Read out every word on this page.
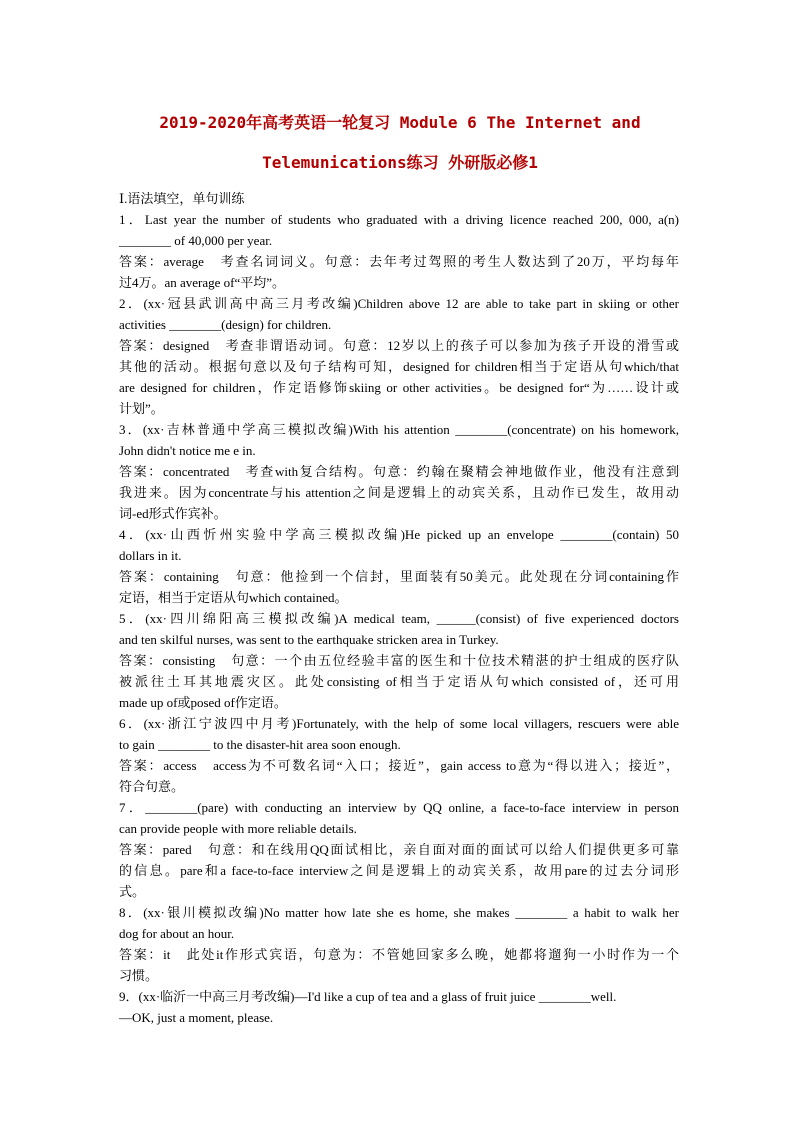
2019-2020年高考英语一轮复习 Module 6 The Internet and
Telemunications练习 外研版必修1
Ⅰ.语法填空，单句训练
1．Last year the number of students who graduated with a driving licence reached 200, 000, a(n)
________ of 40,000 per year.
答案：average　考查名词词义。句意：去年考过驾照的考生人数达到了20万，平均每年
过4万。an average of“平均”。
2．(xx·冠县武训高中高三月考改编)Children above 12 are able to take part in skiing or other
activities ________(design) for children.
答案：designed　考查非谓语动词。句意：12岁以上的孩子可以参加为孩子开设的滑雪或
其他的活动。根据句意以及句子结构可知，designed for children相当于定语从句which/that
are designed for children，作定语修饰skiing or other activities。be designed for“为……设计或
计划”。
3．(xx·吉林普通中学高三模拟改编)With his attention ________(concentrate) on his homework,
John didn't notice me e in.
答案：concentrated　考查with复合结构。句意：约翰在聚精会神地做作业，他没有注意到
我进来。因为concentrate与his attention之间是逻辑上的动宾关系，且动作已发生，故用动
词-ed形式作宾补。
4．(xx·山西忻州实验中学高三模拟改编)He picked up an envelope ________(contain) 50
dollars in it.
答案：containing　句意：他捡到一个信封，里面装有50美元。此处现在分词containing作
定语，相当于定语从句which contained。
5．(xx·四川绵阳高三模拟改编)A medical team, ______(consist) of five experienced doctors
and ten skilful nurses, was sent to the earthquake stricken area in Turkey.
答案：consisting　句意：一个由五位经验丰富的医生和十位技术精湛的护士组成的医疗队
被派往土耳其地震灾区。此处consisting of相当于定语从句which consisted of，还可用
made up of或posed of作定语。
6．(xx·浙江宁波四中月考)Fortunately, with the help of some local villagers, rescuers were able
to gain ________ to the disaster-hit area soon enough.
答案：access　access为不可数名词“入口；接近”，gain access to意为“得以进入；接近”，
符合句意。
7．________(pare) with conducting an interview by QQ online, a face-to-face interview in person
can provide people with more reliable details.
答案：pared　句意：和在线用QQ面试相比，亲自面对面的面试可以给人们提供更多可靠
的信息。pare和a face-to-face interview之间是逻辑上的动宾关系，故用pare的过去分词形
式。
8．(xx·银川模拟改编)No matter how late she es home, she makes ________ a habit to walk her
dog for about an hour.
答案：it　此处it作形式宾语，句意为：不管她回家多么晚，她都将遛狗一小时作为一个
习惯。
9．(xx·临沂一中高三月考改编)—I'd like a cup of tea and a glass of fruit juice ________well.
—OK, just a moment, please.
